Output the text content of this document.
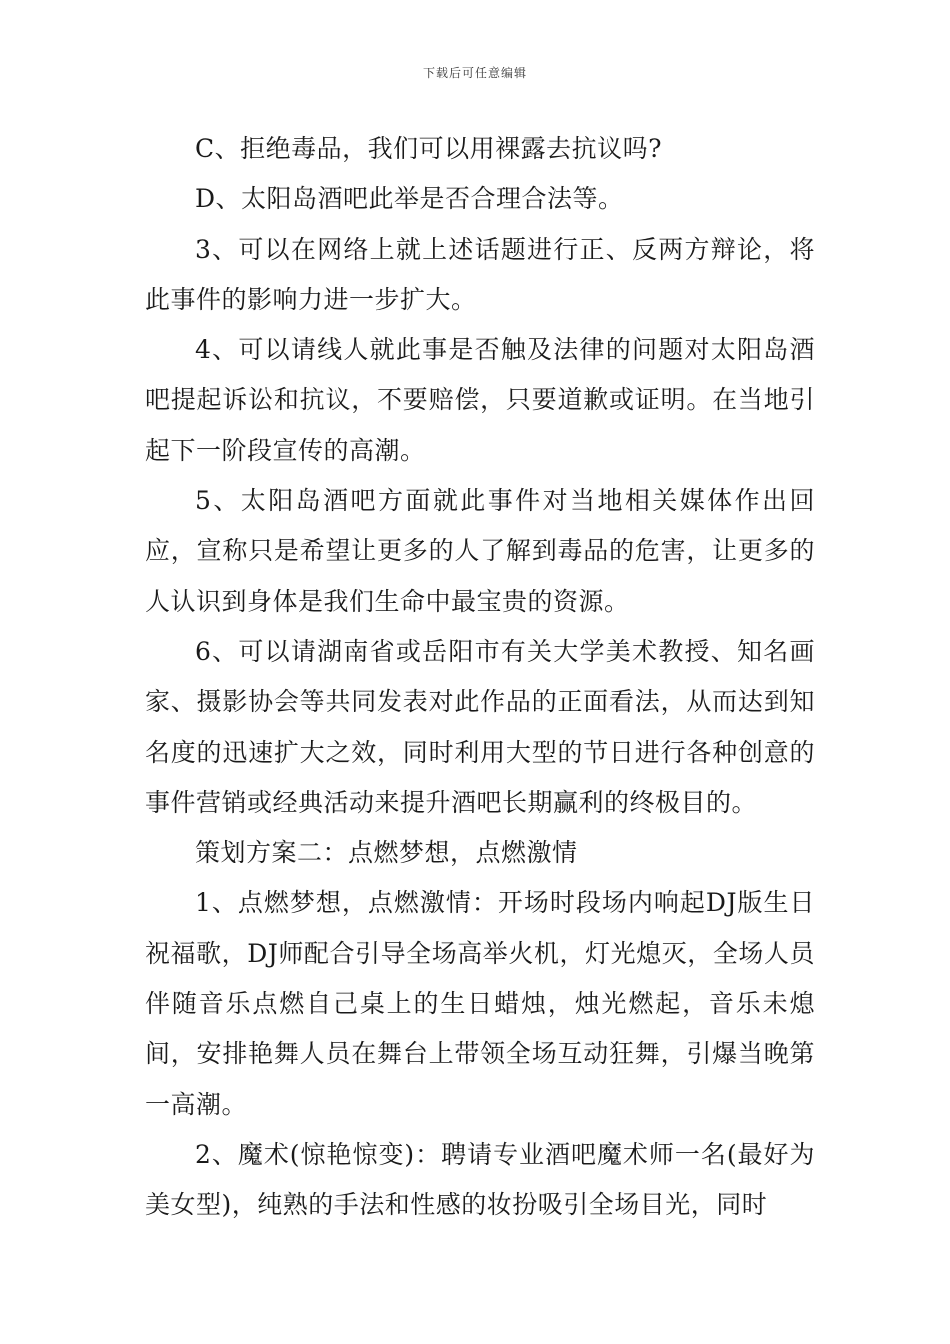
下载后可任意编辑

C、拒绝毒品，我们可以用裸露去抗议吗?

D、太阳岛酒吧此举是否合理合法等。

3、可以在网络上就上述话题进行正、反两方辩论，将此事件的影响力进一步扩大。

4、可以请线人就此事是否触及法律的问题对太阳岛酒吧提起诉讼和抗议，不要赔偿，只要道歉或证明。在当地引起下一阶段宣传的高潮。

5、太阳岛酒吧方面就此事件对当地相关媒体作出回应，宣称只是希望让更多的人了解到毒品的危害，让更多的人认识到身体是我们生命中最宝贵的资源。

6、可以请湖南省或岳阳市有关大学美术教授、知名画家、摄影协会等共同发表对此作品的正面看法，从而达到知名度的迅速扩大之效，同时利用大型的节日进行各种创意的事件营销或经典活动来提升酒吧长期赢利的终极目的。

策划方案二：点燃梦想，点燃激情

1、点燃梦想，点燃激情：开场时段场内响起DJ版生日祝福歌，DJ师配合引导全场高举火机，灯光熄灭，全场人员伴随音乐点燃自己桌上的生日蜡烛，烛光燃起，音乐未熄间，安排艳舞人员在舞台上带领全场互动狂舞，引爆当晚第一高潮。

2、魔术(惊艳惊变)：聘请专业酒吧魔术师一名(最好为美女型)，纯熟的手法和性感的妆扮吸引全场目光，同时
